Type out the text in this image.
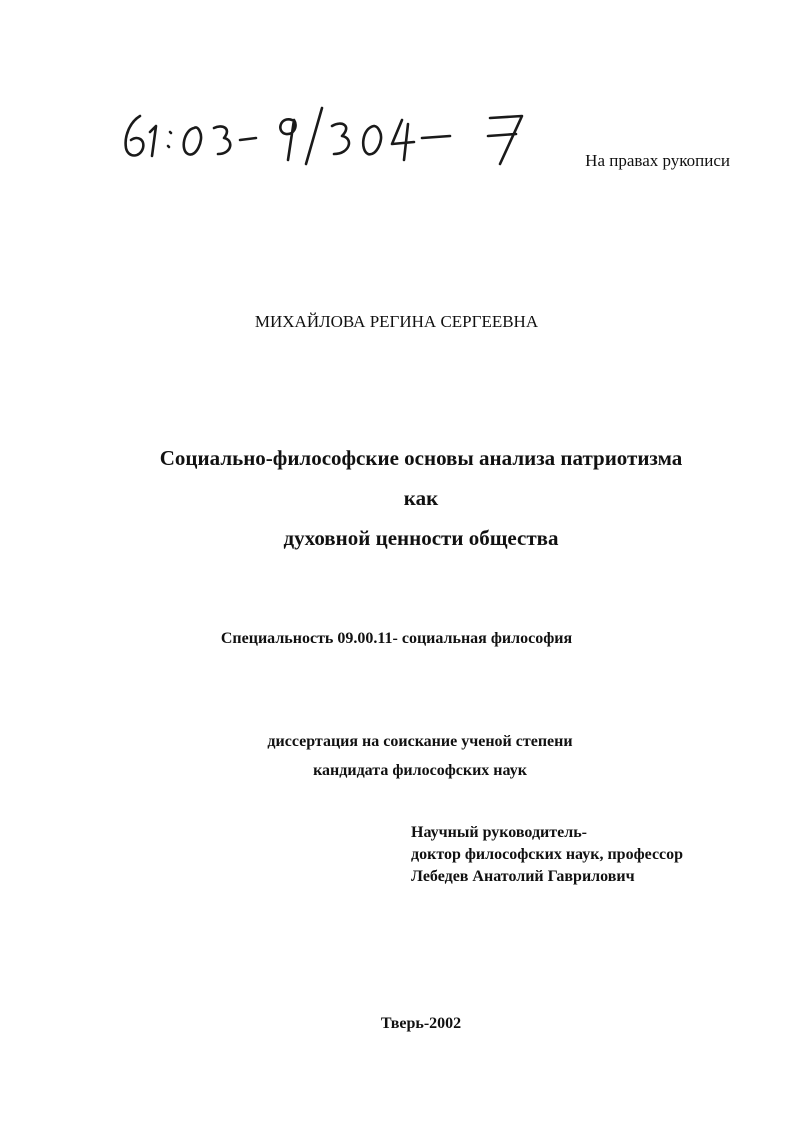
На правах рукописи
МИХАЙЛОВА РЕГИНА СЕРГЕЕВНА
Социально-философские основы анализа патриотизма
как
духовной ценности общества
Специальность 09.00.11- социальная философия
диссертация на соискание ученой степени
кандидата философских наук
Научный руководитель-
доктор философских наук, профессор
Лебедев Анатолий Гаврилович
Тверь-2002
